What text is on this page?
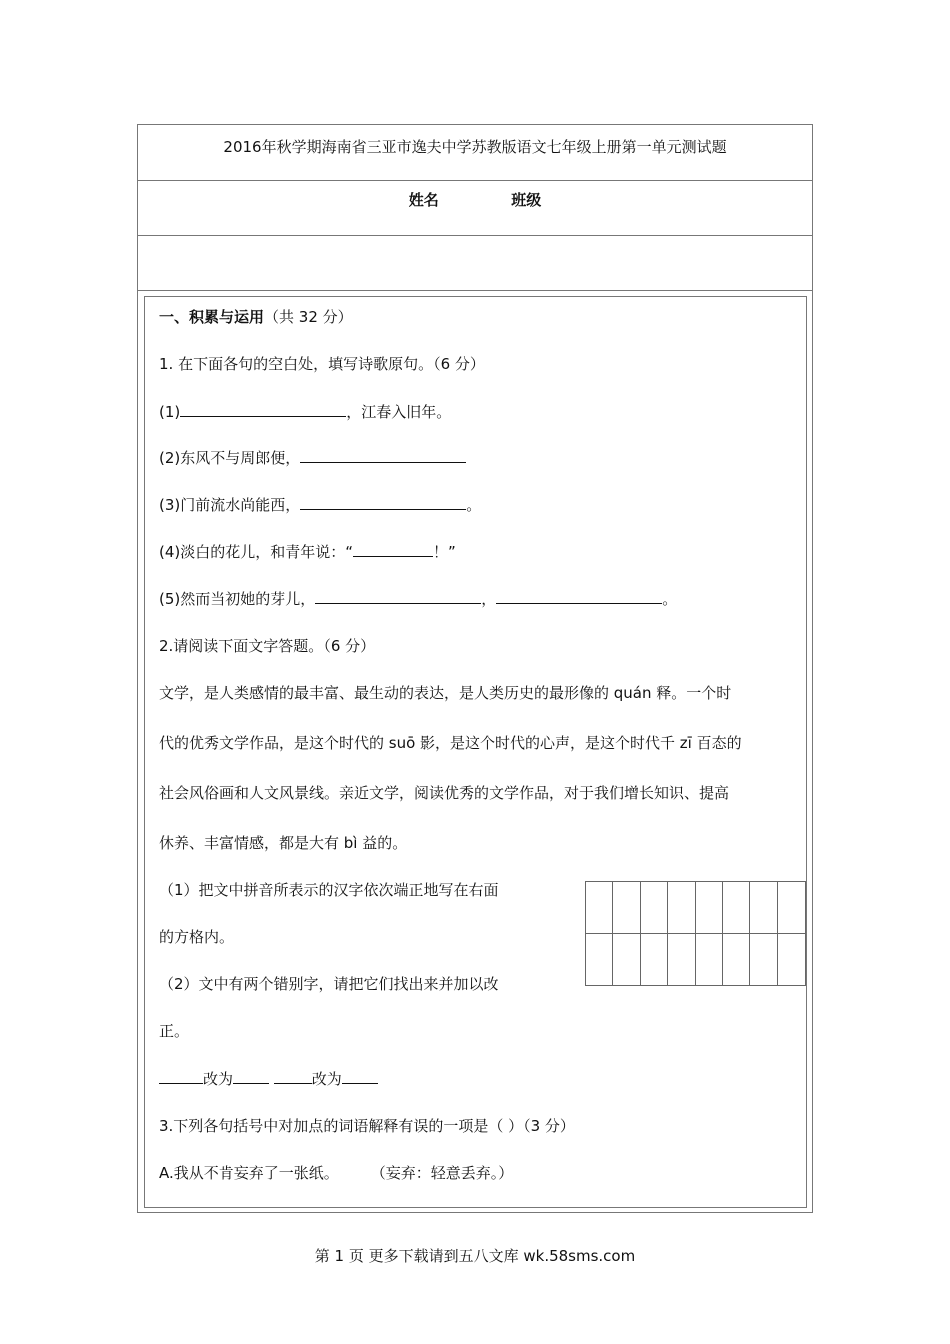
2016年秋学期海南省三亚市逸夫中学苏教版语文七年级上册第一单元测试题
姓名	班级
一、积累与运用（共 32 分）
1. 在下面各句的空白处，填写诗歌原句。（6 分）
(1)	，江春入旧年。
(2)东风不与周郎便，
(3)门前流水尚能西，	。
(4)淡白的花儿，和青年说：“	！”
(5)然而当初她的芽儿，	，	。
2.请阅读下面文字答题。（6 分）
文学，是人类感情的最丰富、最生动的表达，是人类历史的最形像的 quán 释。一个时
代的优秀文学作品，是这个时代的 suō 影，是这个时代的心声，是这个时代千 zī 百态的
社会风俗画和人文风景线。亲近文学，阅读优秀的文学作品，对于我们增长知识、提高
休养、丰富情感，都是大有 bì 益的。
（1）把文中拼音所表示的汉字依次端正地写在右面
的方格内。
（2）文中有两个错别字，请把它们找出来并加以改
正。
改为	改为
3.下列各句括号中对加点的词语解释有误的一项是（ ）（3 分）
A.我从不肯妄弃了一张纸。 （妄弃：轻意丢弃。）
第 1 页 更多下载请到五八文库 wk.58sms.com
